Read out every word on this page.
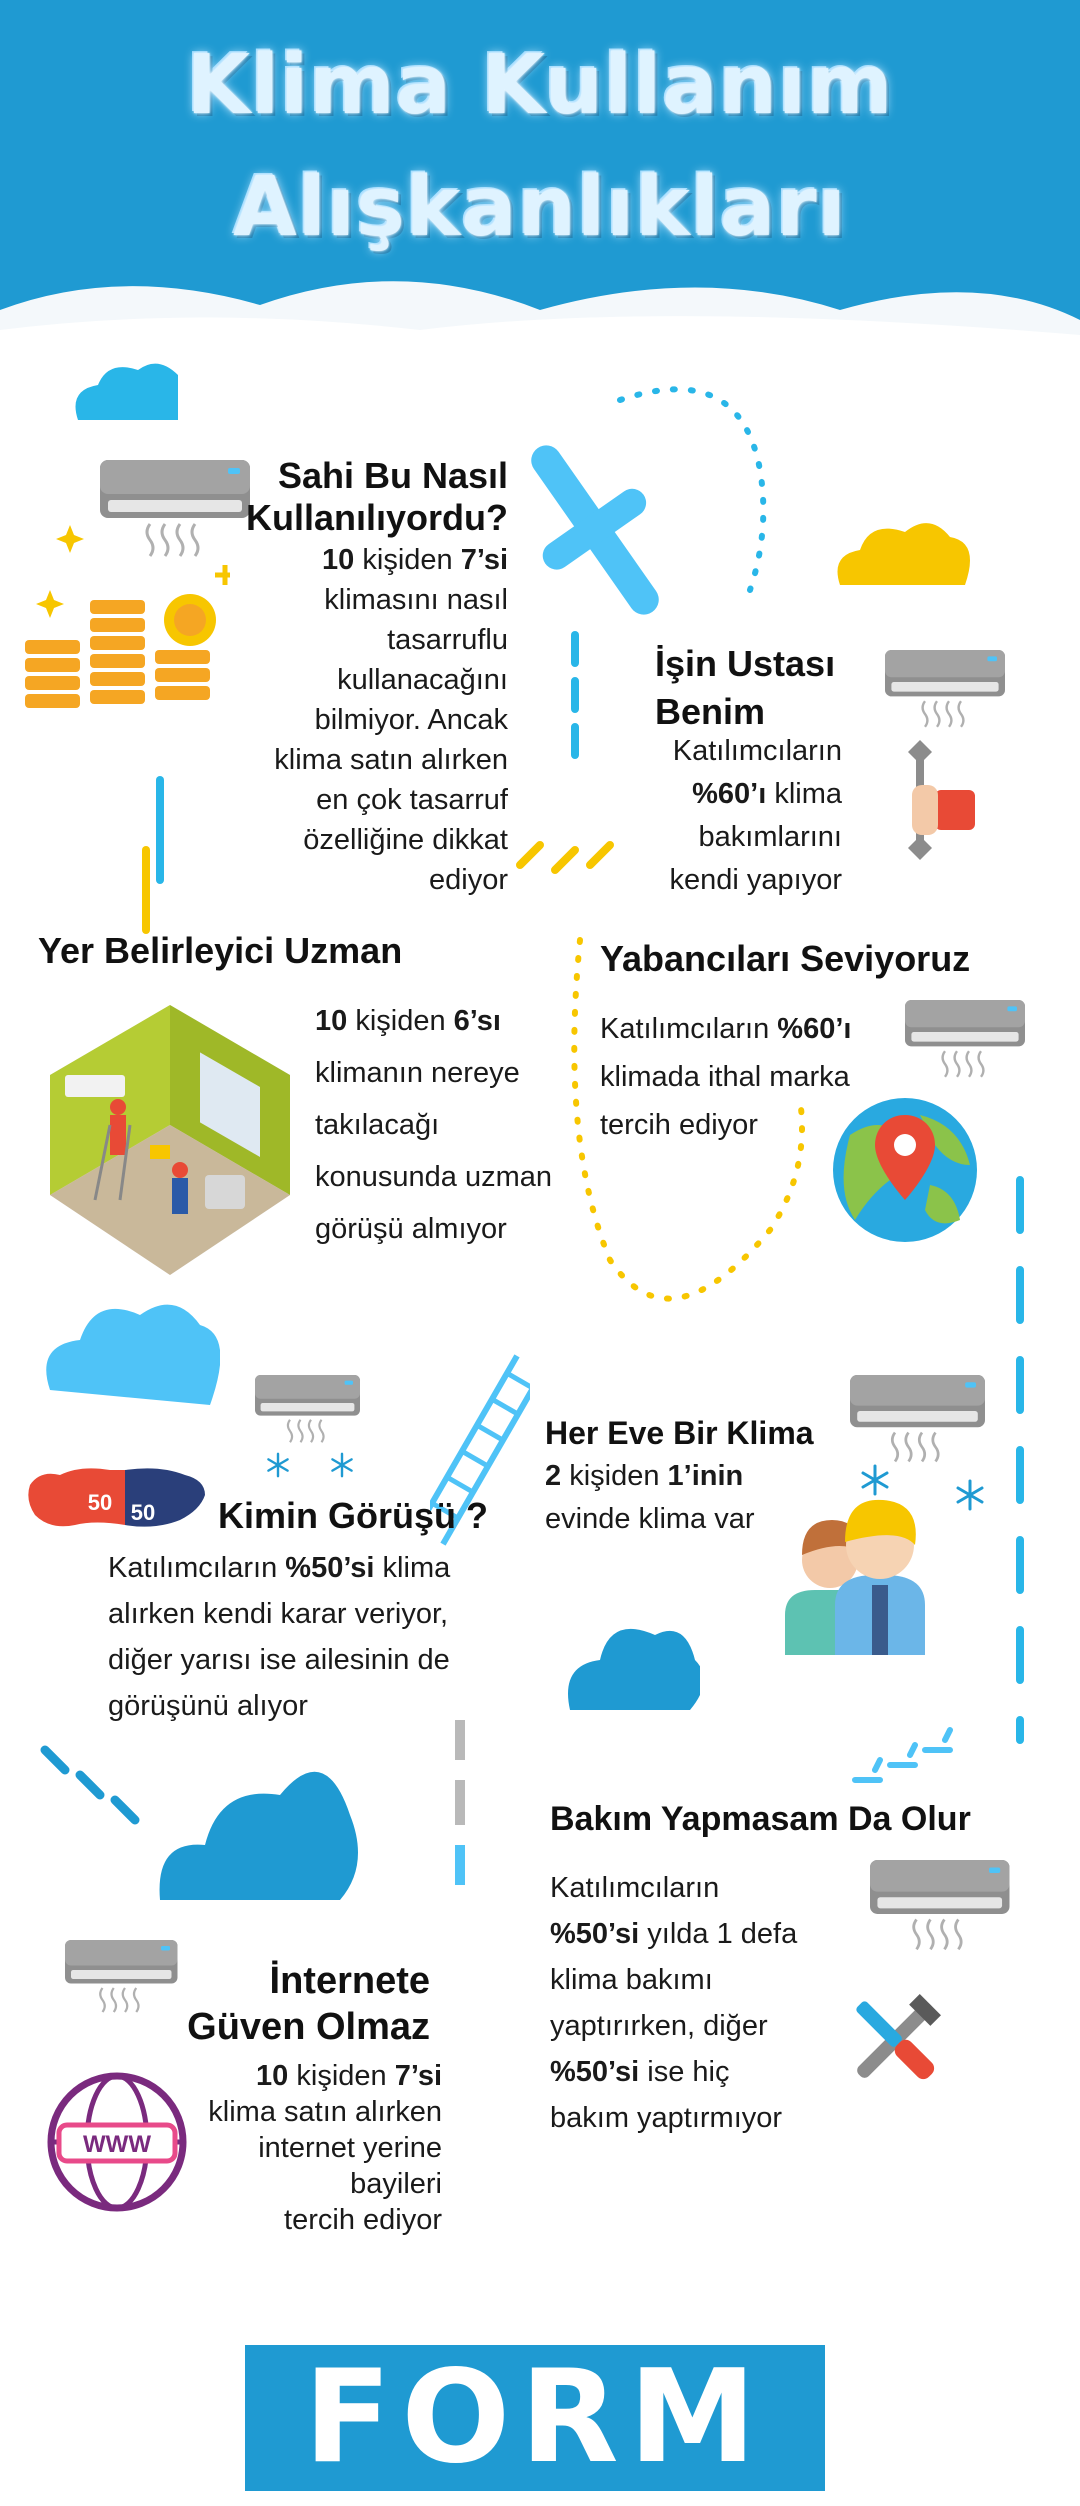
Klima Kullanım
Alışkanlıkları
Sahi Bu Nasıl
Kullanılıyordu?
10 kişiden 7’si
klimasını nasıl
tasarruflu
kullanacağını
bilmiyor. Ancak
klima satın alırken
en çok tasarruf
özelliğine dikkat
ediyor
İşin Ustası
Benim
Katılımcıların
%60’ı klima
bakımlarını
kendi yapıyor
Yer Belirleyici Uzman
10 kişiden 6’sı
klimanın nereye
takılacağı
konusunda uzman
görüşü almıyor
Yabancıları Seviyoruz
Katılımcıların %60’ı
klimada ithal marka
tercih ediyor
Her Eve Bir Klima
2 kişiden 1’inin
evinde klima var
50 50 Kimin Görüşü ?
Katılımcıların %50’si klima
alırken kendi karar veriyor,
diğer yarısı ise ailesinin de
görüşünü alıyor
Bakım Yapmasam Da Olur
Katılımcıların
%50’si yılda 1 defa
klima bakımı
yaptırırken, diğer
%50’si ise hiç
bakım yaptırmıyor
İnternete
Güven Olmaz
10 kişiden 7’si
klima satın alırken
internet yerine
bayileri
tercih ediyor
WWW
FORM
